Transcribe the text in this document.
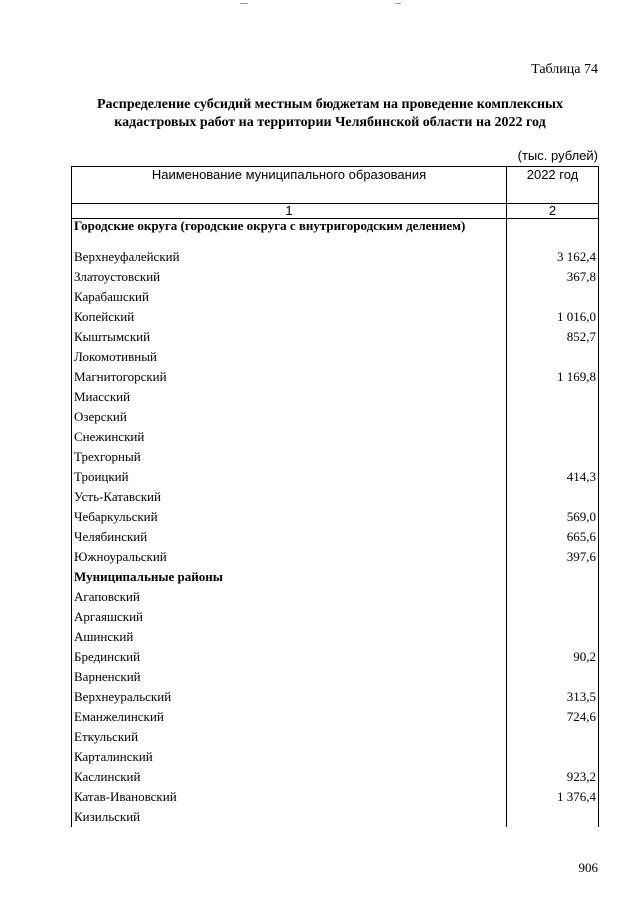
Таблица 74
Распределение субсидий местным бюджетам на проведение комплексных кадастровых работ на территории Челябинской области на 2022 год
(тыс. рублей)
Наименование муниципального образования	2022 год
1	2
Городские округа (городские округа с внутригородским делением)	
Верхнеуфалейский	3 162,4
Златоустовский	367,8
Карабашский	
Копейский	1 016,0
Кыштымский	852,7
Локомотивный	
Магнитогорский	1 169,8
Миасский	
Озерский	
Снежинский	
Трехгорный	
Троицкий	414,3
Усть-Катавский	
Чебаркульский	569,0
Челябинский	665,6
Южноуральский	397,6
Муниципальные районы	
Агаповский	
Аргаяшский	
Ашинский	
Брединский	90,2
Варненский	
Верхнеуральский	313,5
Еманжелинский	724,6
Еткульский	
Карталинский	
Каслинский	923,2
Катав-Ивановский	1 376,4
Кизильский	
906
